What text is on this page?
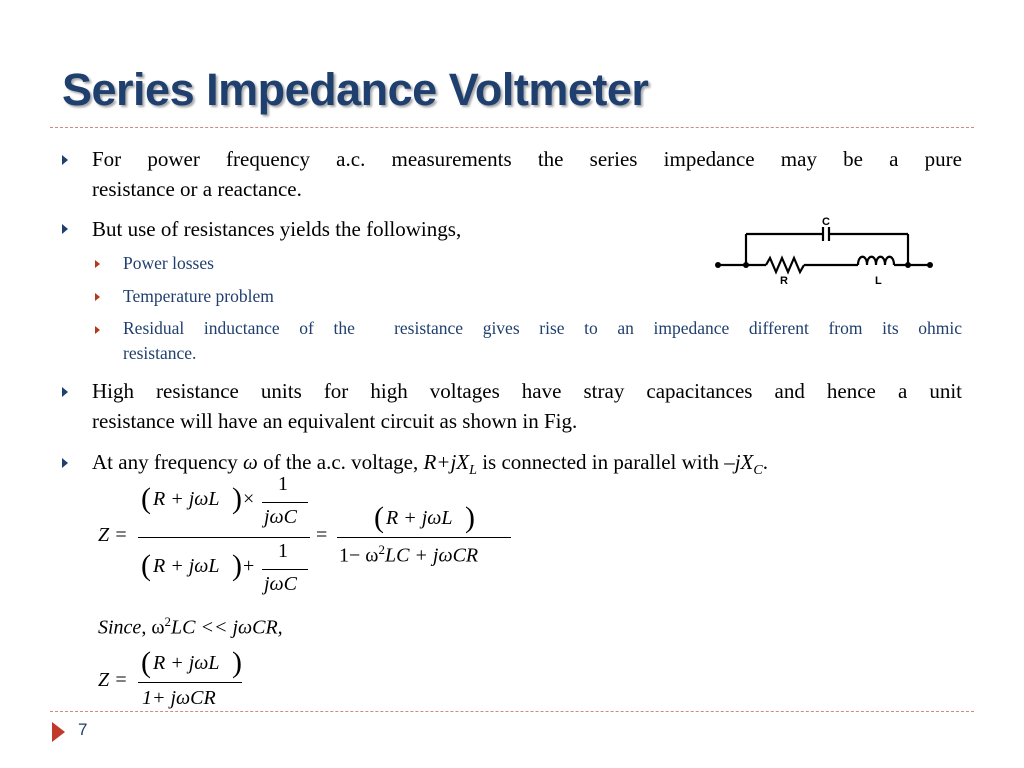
Series Impedance Voltmeter
For power frequency a.c. measurements the series impedance may be a pure
resistance or a reactance.
But use of resistances yields the followings,	C
R	L
Power losses
Temperature problem
Residual inductance of the  resistance gives rise to an impedance different from its ohmic
resistance.
High resistance units for high voltages have stray capacitances and hence a unit
resistance will have an equivalent circuit as shown in Fig.
At any frequency ω of the a.c. voltage, $R+jX_L$ is connected in parallel with $-jX_C$.
Z =
( R + jωL ) ×
1
jωC
( R + jωL ) +
1
jωC
=
( R + jωL )
$1- \omega^2LC + j\omega CR$
Since, $\omega^2LC << j\omega CR$,
Z =
( R + jωL )
1+ jωCR
7
